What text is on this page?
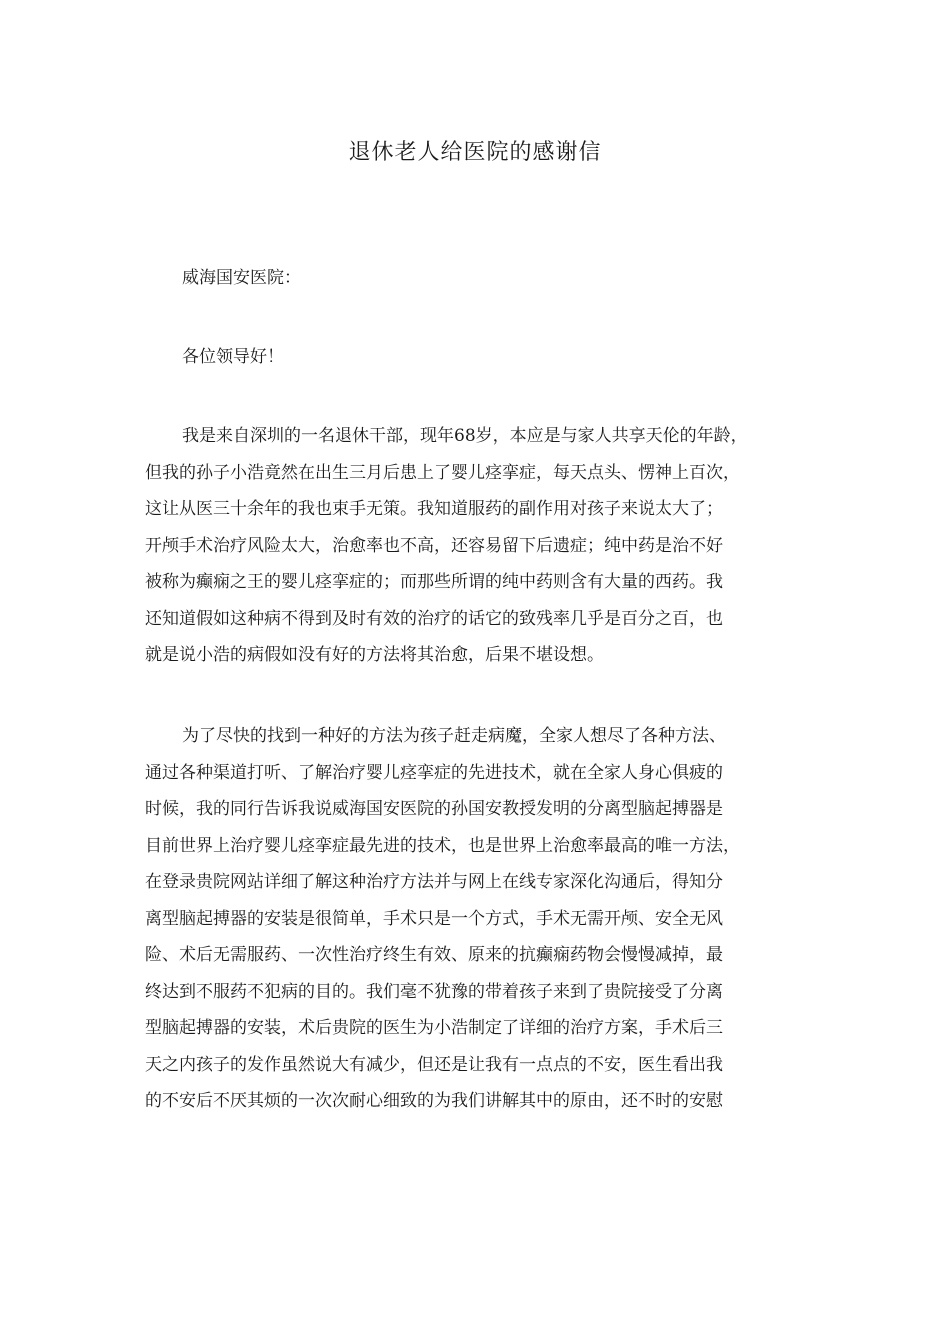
退休老人给医院的感谢信
威海国安医院：
各位领导好！
我是来自深圳的一名退休干部，现年68岁，本应是与家人共享天伦的年龄，
但我的孙子小浩竟然在出生三月后患上了婴儿痉挛症，每天点头、愣神上百次，
这让从医三十余年的我也束手无策。我知道服药的副作用对孩子来说太大了；
开颅手术治疗风险太大，治愈率也不高，还容易留下后遗症；纯中药是治不好
被称为癫痫之王的婴儿痉挛症的；而那些所谓的纯中药则含有大量的西药。我
还知道假如这种病不得到及时有效的治疗的话它的致残率几乎是百分之百，也
就是说小浩的病假如没有好的方法将其治愈，后果不堪设想。
为了尽快的找到一种好的方法为孩子赶走病魔，全家人想尽了各种方法、
通过各种渠道打听、了解治疗婴儿痉挛症的先进技术，就在全家人身心俱疲的
时候，我的同行告诉我说威海国安医院的孙国安教授发明的分离型脑起搏器是
目前世界上治疗婴儿痉挛症最先进的技术，也是世界上治愈率最高的唯一方法，
在登录贵院网站详细了解这种治疗方法并与网上在线专家深化沟通后，得知分
离型脑起搏器的安装是很简单，手术只是一个方式，手术无需开颅、安全无风
险、术后无需服药、一次性治疗终生有效、原来的抗癫痫药物会慢慢减掉，最
终达到不服药不犯病的目的。我们毫不犹豫的带着孩子来到了贵院接受了分离
型脑起搏器的安装，术后贵院的医生为小浩制定了详细的治疗方案，手术后三
天之内孩子的发作虽然说大有减少，但还是让我有一点点的不安，医生看出我
的不安后不厌其烦的一次次耐心细致的为我们讲解其中的原由，还不时的安慰
